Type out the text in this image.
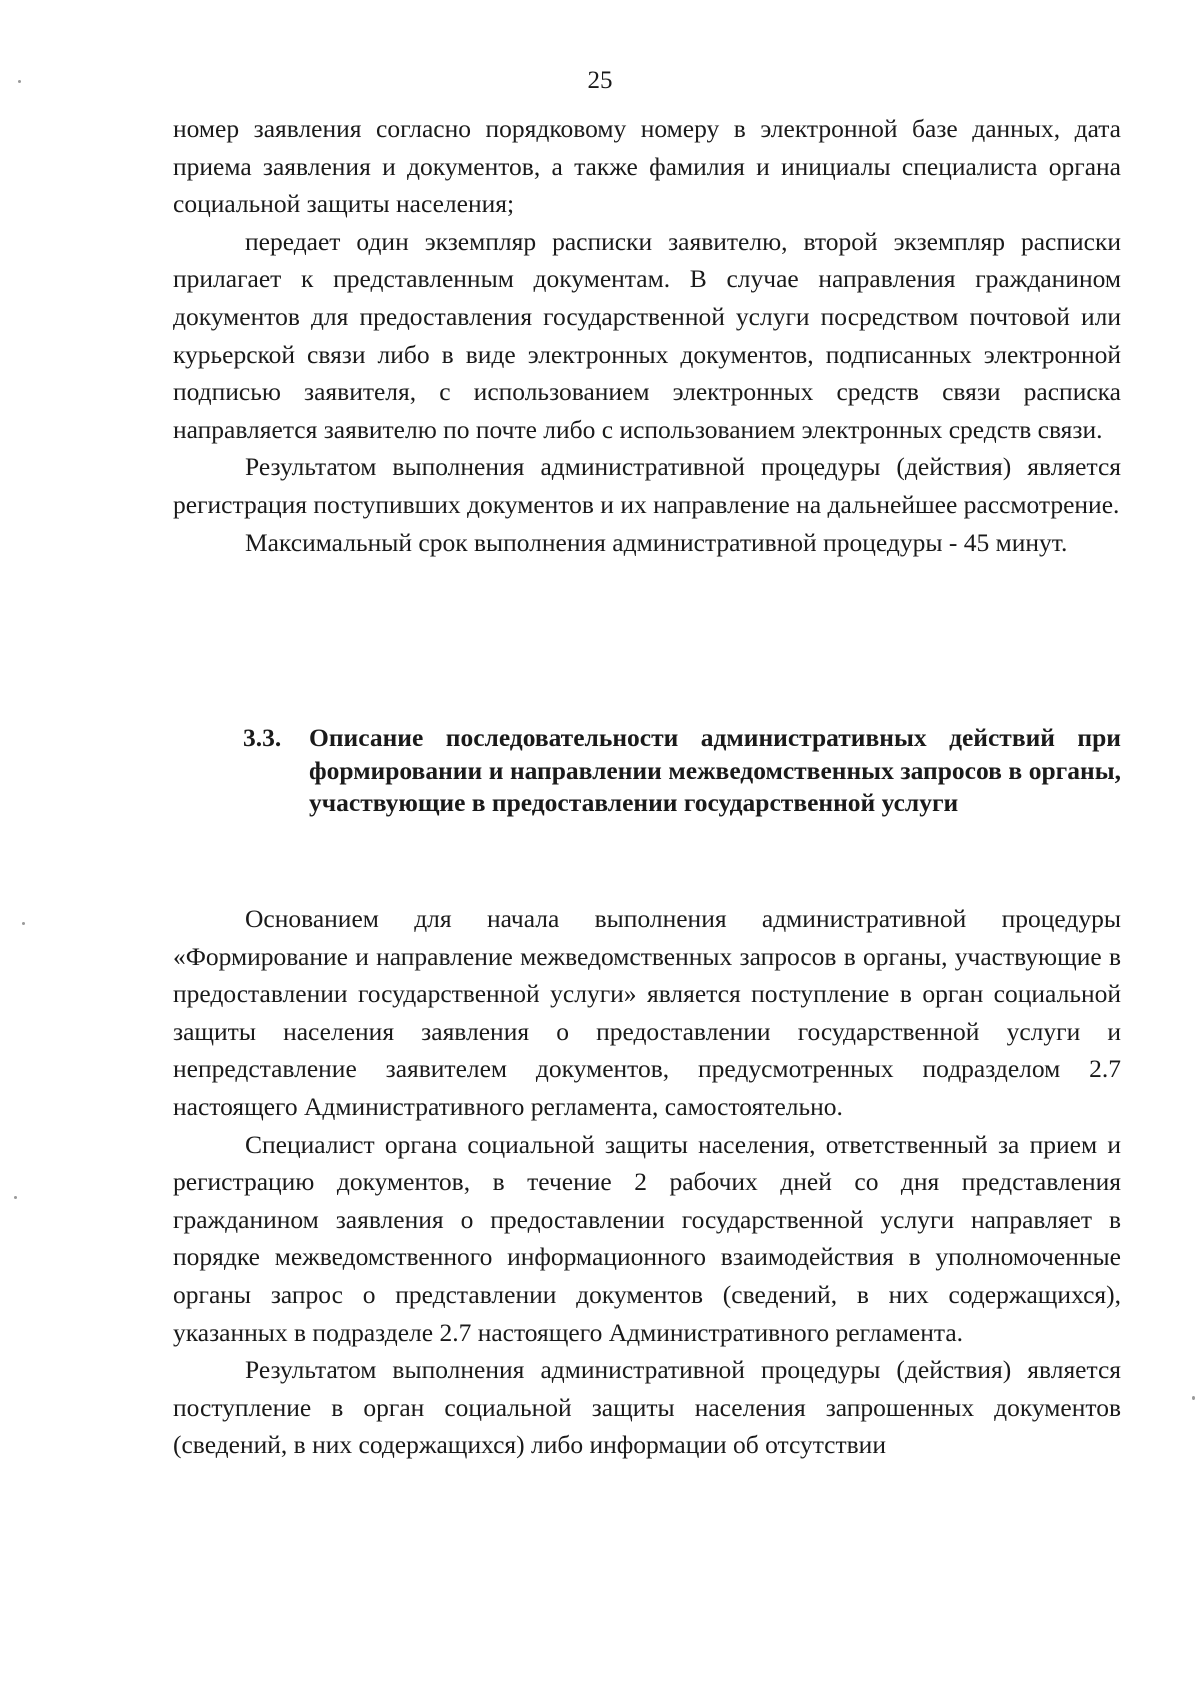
25

номер заявления согласно порядковому номеру в электронной базе данных, дата приема заявления и документов, а также фамилия и инициалы специалиста органа социальной защиты населения;

передает один экземпляр расписки заявителю, второй экземпляр расписки прилагает к представленным документам. В случае направления гражданином документов для предоставления государственной услуги посредством почтовой или курьерской связи либо в виде электронных документов, подписанных электронной подписью заявителя, с использованием электронных средств связи расписка направляется заявителю по почте либо с использованием электронных средств связи.

Результатом выполнения административной процедуры (действия) является регистрация поступивших документов и их направление на дальнейшее рассмотрение.

Максимальный срок выполнения административной процедуры - 45 минут.

3.3. Описание последовательности административных действий при формировании и направлении межведомственных запросов в органы, участвующие в предоставлении государственной услуги

Основанием для начала выполнения административной процедуры «Формирование и направление межведомственных запросов в органы, участвующие в предоставлении государственной услуги» является поступление в орган социальной защиты населения заявления о предоставлении государственной услуги и непредставление заявителем документов, предусмотренных подразделом 2.7 настоящего Административного регламента, самостоятельно.

Специалист органа социальной защиты населения, ответственный за прием и регистрацию документов, в течение 2 рабочих дней со дня представления гражданином заявления о предоставлении государственной услуги направляет в порядке межведомственного информационного взаимодействия в уполномоченные органы запрос о представлении документов (сведений, в них содержащихся), указанных в подразделе 2.7 настоящего Административного регламента.

Результатом выполнения административной процедуры (действия) является поступление в орган социальной защиты населения запрошенных документов (сведений, в них содержащихся) либо информации об отсутствии
